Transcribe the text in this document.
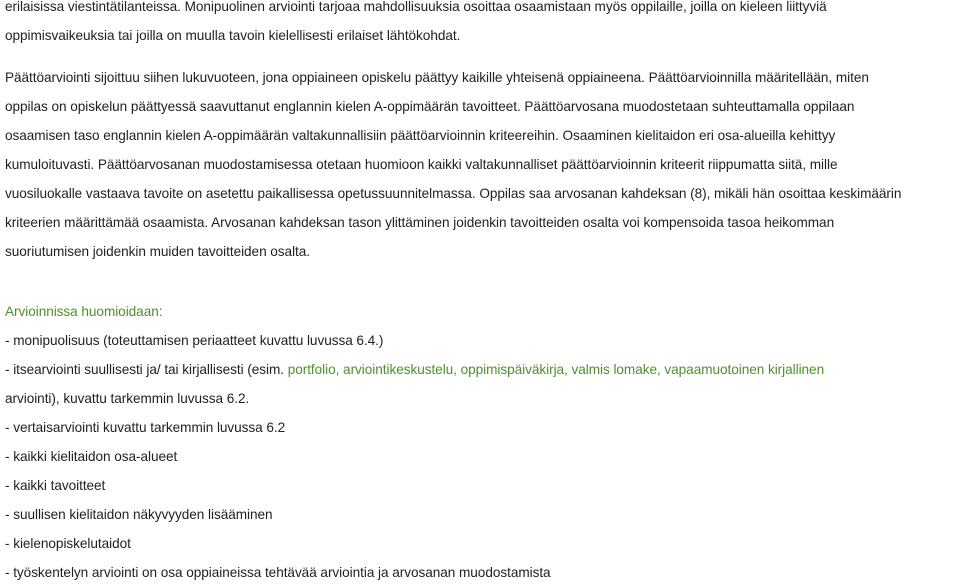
erilaisissa viestintätilanteissa. Monipuolinen arviointi tarjoaa mahdollisuuksia osoittaa osaamistaan myös oppilaille, joilla on kieleen liittyviä
oppimisvaikeuksia tai joilla on muulla tavoin kielellisesti erilaiset lähtökohdat.
Päättöarviointi sijoittuu siihen lukuvuoteen, jona oppiaineen opiskelu päättyy kaikille yhteisenä oppiaineena. Päättöarvioinnilla määritellään, miten
oppilas on opiskelun päättyessä saavuttanut englannin kielen A-oppimäärän tavoitteet. Päättöarvosana muodostetaan suhteuttamalla oppilaan
osaamisen taso englannin kielen A-oppimäärän valtakunnallisiin päättöarvioinnin kriteereihin. Osaaminen kielitaidon eri osa-alueilla kehittyy
kumuloituvasti. Päättöarvosanan muodostamisessa otetaan huomioon kaikki valtakunnalliset päättöarvioinnin kriteerit riippumatta siitä, mille
vuosiluokalle vastaava tavoite on asetettu paikallisessa opetussuunnitelmassa. Oppilas saa arvosanan kahdeksan (8), mikäli hän osoittaa keskimäärin
kriteerien määrittämää osaamista. Arvosanan kahdeksan tason ylittäminen joidenkin tavoitteiden osalta voi kompensoida tasoa heikomman
suoriutumisen joidenkin muiden tavoitteiden osalta.
Arvioinnissa huomioidaan:
- monipuolisuus (toteuttamisen periaatteet kuvattu luvussa 6.4.)
- itsearviointi suullisesti ja/ tai kirjallisesti (esim. portfolio, arviointikeskustelu, oppimispäiväkirja, valmis lomake, vapaamuotoinen kirjallinen
arviointi), kuvattu tarkemmin luvussa 6.2.
- vertaisarviointi kuvattu tarkemmin luvussa 6.2
- kaikki kielitaidon osa-alueet
- kaikki tavoitteet
- suullisen kielitaidon näkyvyyden lisääminen
- kielenopiskelutaidot
- työskentelyn arviointi on osa oppiaineissa tehtävää arviointia ja arvosanan muodostamista
